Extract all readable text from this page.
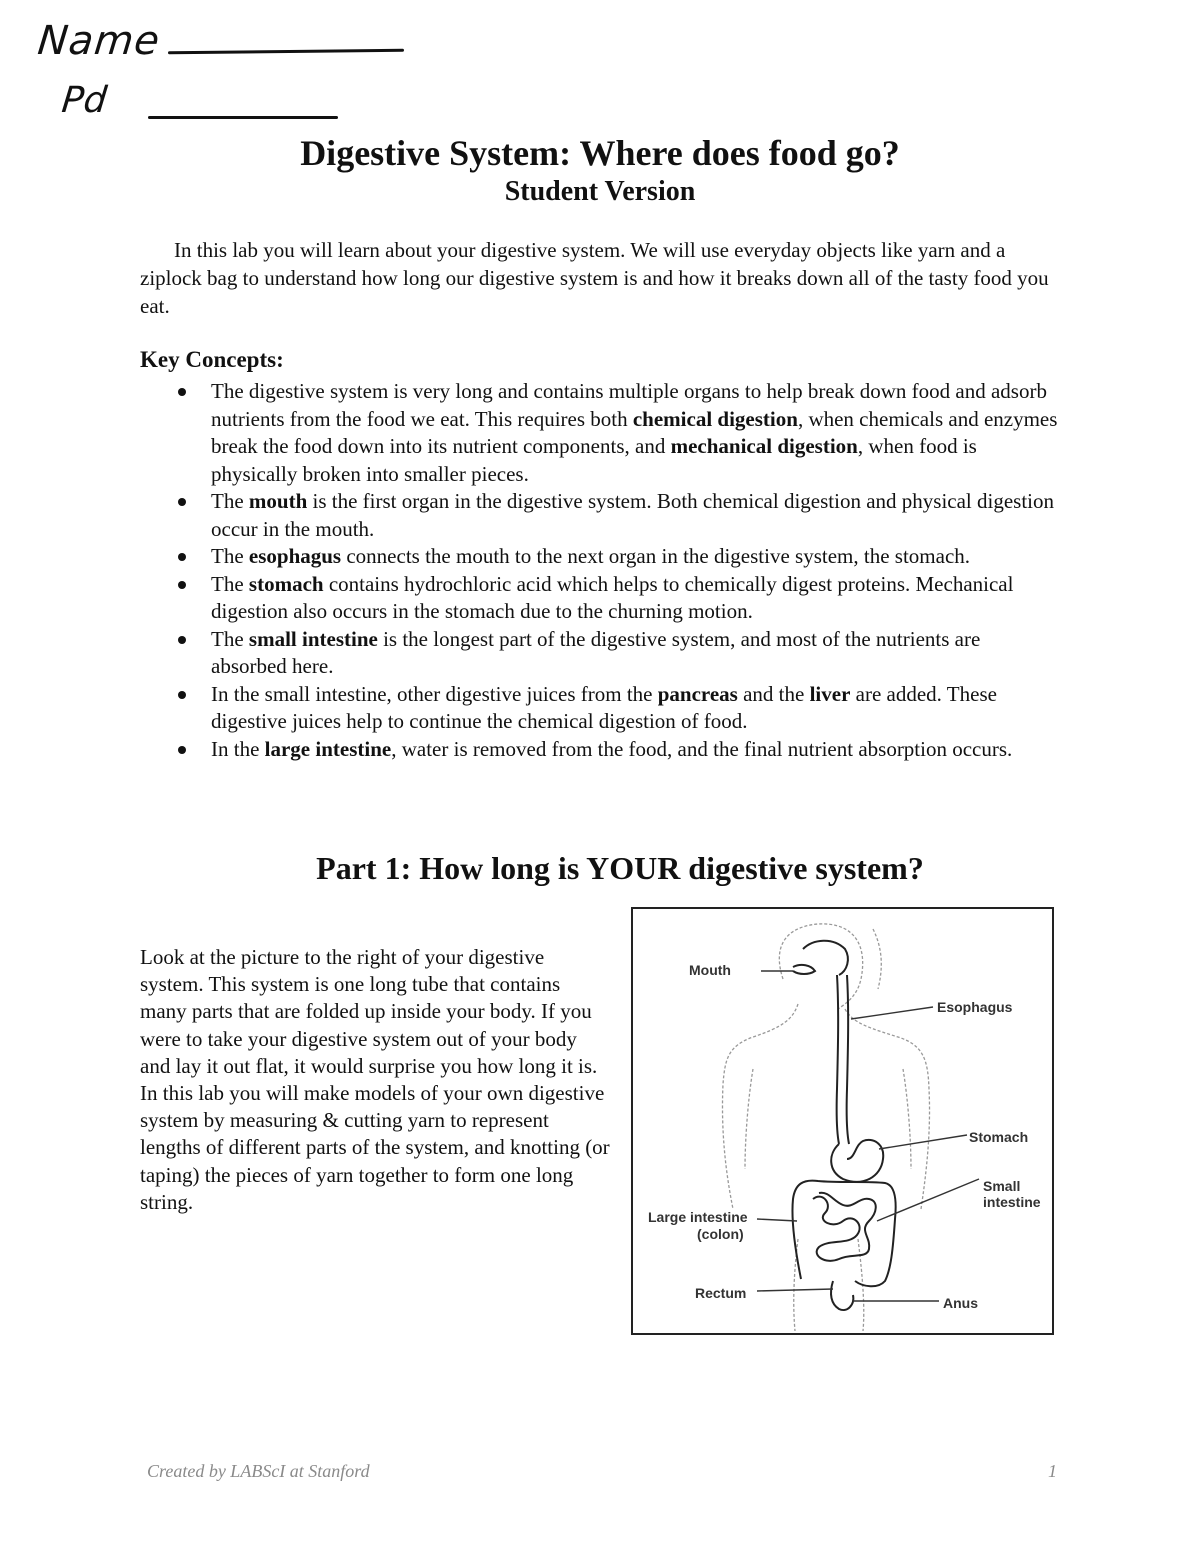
Name
Pd
Digestive System: Where does food go?
Student Version

In this lab you will learn about your digestive system. We will use everyday objects like yarn and a ziplock bag to understand how long our digestive system is and how it breaks down all of the tasty food you eat.

Key Concepts:
The digestive system is very long and contains multiple organs to help break down food and adsorb nutrients from the food we eat. This requires both chemical digestion, when chemicals and enzymes break the food down into its nutrient components, and mechanical digestion, when food is physically broken into smaller pieces.
The mouth is the first organ in the digestive system. Both chemical digestion and physical digestion occur in the mouth.
The esophagus connects the mouth to the next organ in the digestive system, the stomach.
The stomach contains hydrochloric acid which helps to chemically digest proteins. Mechanical digestion also occurs in the stomach due to the churning motion.
The small intestine is the longest part of the digestive system, and most of the nutrients are absorbed here.
In the small intestine, other digestive juices from the pancreas and the liver are added. These digestive juices help to continue the chemical digestion of food.
In the large intestine, water is removed from the food, and the final nutrient absorption occurs.
Part 1: How long is YOUR digestive system?

Look at the picture to the right of your digestive system. This system is one long tube that contains many parts that are folded up inside your body. If you were to take your digestive system out of your body and lay it out flat, it would surprise you how long it is. In this lab you will make models of your own digestive system by measuring & cutting yarn to represent lengths of different parts of the system, and knotting (or taping) the pieces of yarn together to form one long string.

Mouth
Esophagus
Stomach
Small
intestine
Large intestine
(colon)
Rectum
Anus

Created by LABScI at Stanford	1
